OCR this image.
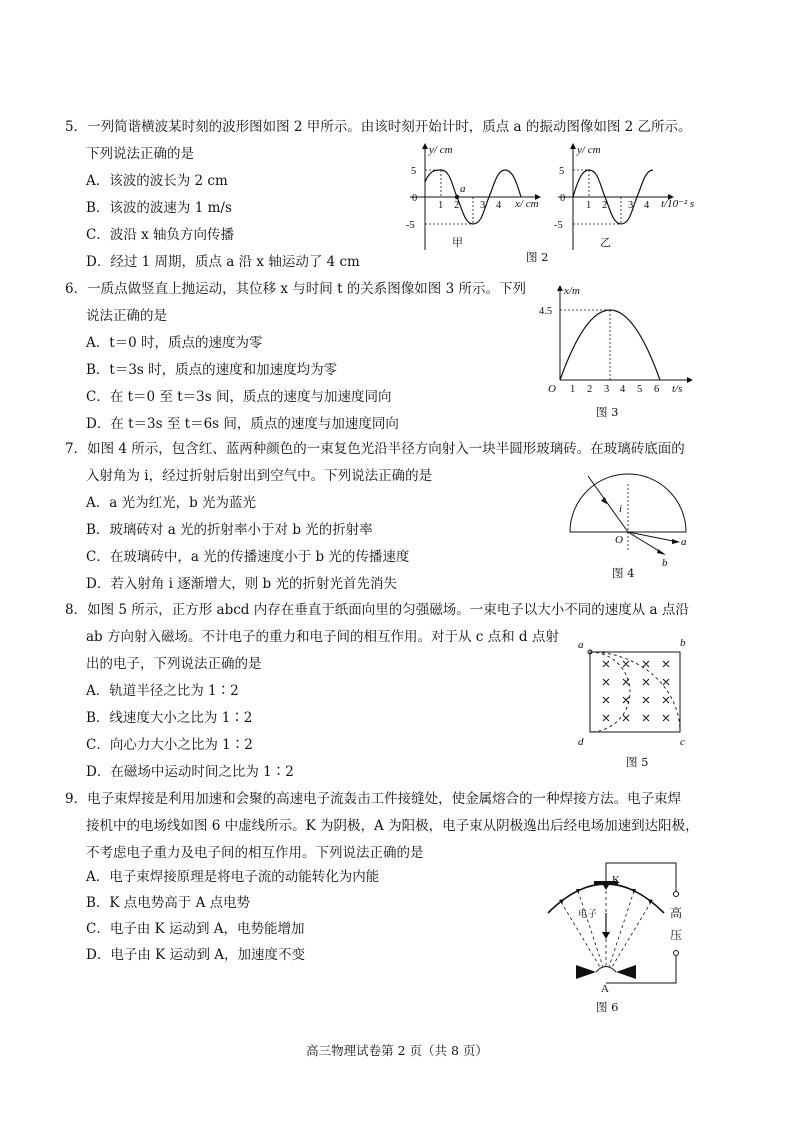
5．一列简谐横波某时刻的波形图如图 2 甲所示。由该时刻开始计时，质点 a 的振动图像如图 2 乙所示。
下列说法正确的是
A．该波的波长为 2 cm
B．该波的波速为 1 m/s
C．波沿 x 轴负方向传播
D．经过 1 周期，质点 a 沿 x 轴运动了 4 cm
y/ cm
x/ cm
5
0
-5
1 2 3 4
a
甲
y/ cm
t/10⁻² s
5
0
-5
1 2 3 4
乙
图 2
6．一质点做竖直上抛运动，其位移 x 与时间 t 的关系图像如图 3 所示。下列
说法正确的是
A．t＝0 时，质点的速度为零
B．t＝3s 时，质点的速度和加速度均为零
C．在 t＝0 至 t＝3s 间，质点的速度与加速度同向
D．在 t＝3s 至 t＝6s 间，质点的速度与加速度同向
x/m
t/s
O
4.5
1 2 3 4 5 6
图 3
7．如图 4 所示，包含红、蓝两种颜色的一束复色光沿半径方向射入一块半圆形玻璃砖。在玻璃砖底面的
入射角为 i，经过折射后射出到空气中。下列说法正确的是
A．a 光为红光，b 光为蓝光
B．玻璃砖对 a 光的折射率小于对 b 光的折射率
C．在玻璃砖中，a 光的传播速度小于 b 光的传播速度
D．若入射角 i 逐渐增大，则 b 光的折射光首先消失
i
O	a
b
图 4
8．如图 5 所示，正方形 abcd 内存在垂直于纸面向里的匀强磁场。一束电子以大小不同的速度从 a 点沿
ab 方向射入磁场。不计电子的重力和电子间的相互作用。对于从 c 点和 d 点射
出的电子，下列说法正确的是
A．轨道半径之比为 1∶2
B．线速度大小之比为 1∶2
C．向心力大小之比为 1∶2
D．在磁场中运动时间之比为 1∶2
a	b
c
d
图 5
9．电子束焊接是利用加速和会聚的高速电子流轰击工件接缝处，使金属熔合的一种焊接方法。电子束焊
接机中的电场线如图 6 中虚线所示。K 为阴极，A 为阳极，电子束从阴极逸出后经电场加速到达阳极，
不考虑电子重力及电子间的相互作用。下列说法正确的是
A．电子束焊接原理是将电子流的动能转化为内能
B．K 点电势高于 A 点电势
C．电子由 K 运动到 A，电势能增加
D．电子由 K 运动到 A，加速度不变
K
电子
A
高
压
图 6
高三物理试卷第 2 页（共 8 页）
